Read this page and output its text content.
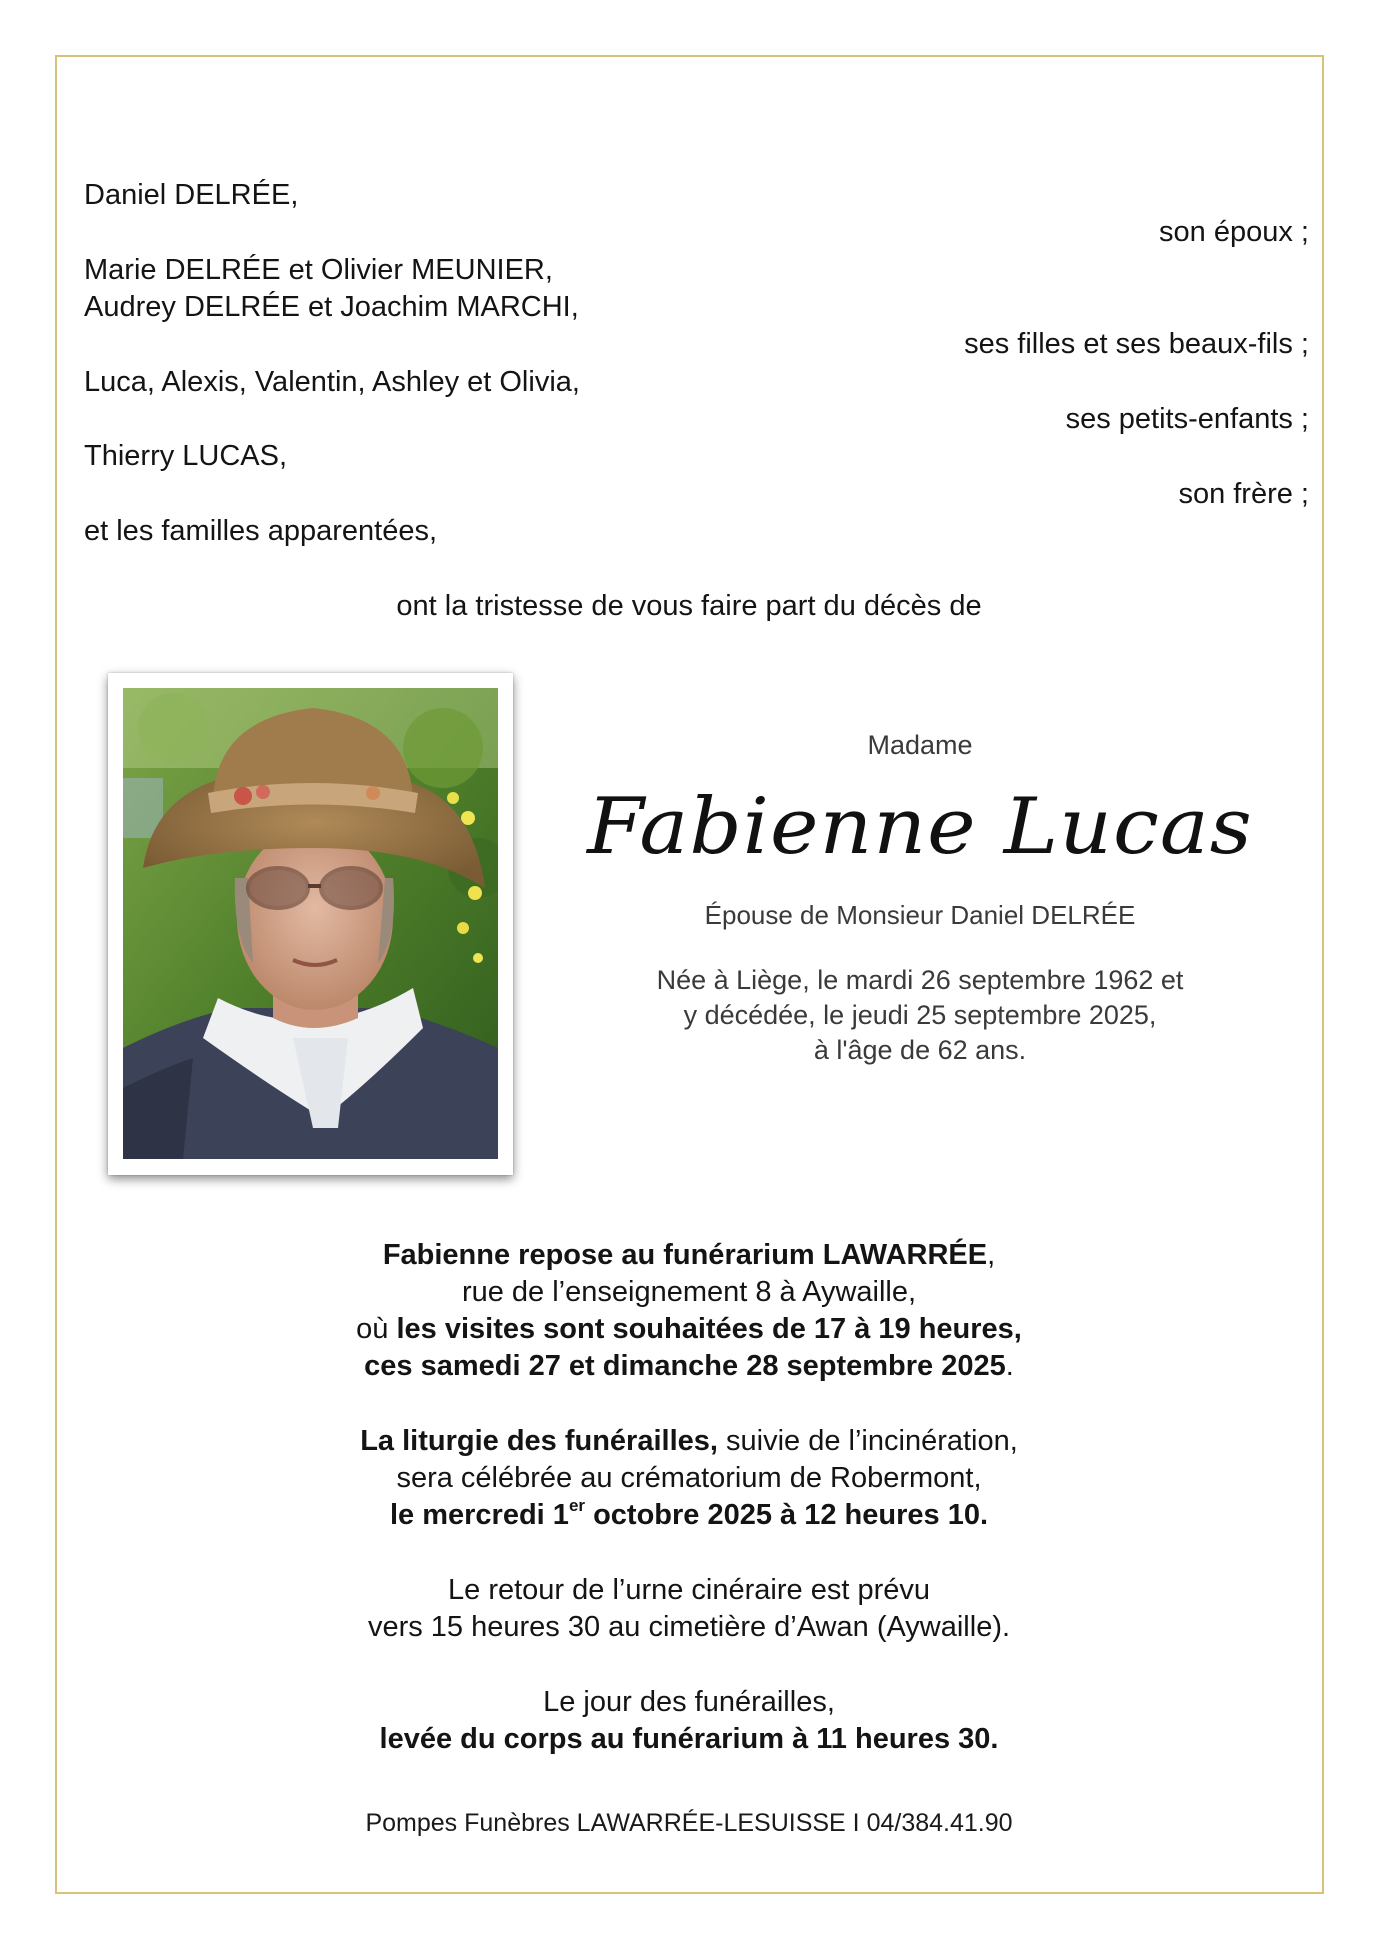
Daniel DELRÉE,
son époux ;
Marie DELRÉE et Olivier MEUNIER,
Audrey DELRÉE et Joachim MARCHI,
ses filles et ses beaux-fils ;
Luca, Alexis, Valentin, Ashley et Olivia,
ses petits-enfants ;
Thierry LUCAS,
son frère ;
et les familles apparentées,
ont la tristesse de vous faire part du décès de
Madame
Fabienne Lucas
Épouse de Monsieur Daniel DELRÉE
Née à Liège, le mardi 26 septembre 1962 et
y décédée, le jeudi 25 septembre 2025,
à l'âge de 62 ans.
Fabienne repose au funérarium LAWARRÉE,
rue de l’enseignement 8 à Aywaille,
où les visites sont souhaitées de 17 à 19 heures,
ces samedi 27 et dimanche 28 septembre 2025.
La liturgie des funérailles, suivie de l’incinération,
sera célébrée au crématorium de Robermont,
le mercredi 1er octobre 2025 à 12 heures 10.
Le retour de l’urne cinéraire est prévu
vers 15 heures 30 au cimetière d’Awan (Aywaille).
Le jour des funérailles,
levée du corps au funérarium à 11 heures 30.
Pompes Funèbres LAWARRÉE-LESUISSE I 04/384.41.90
